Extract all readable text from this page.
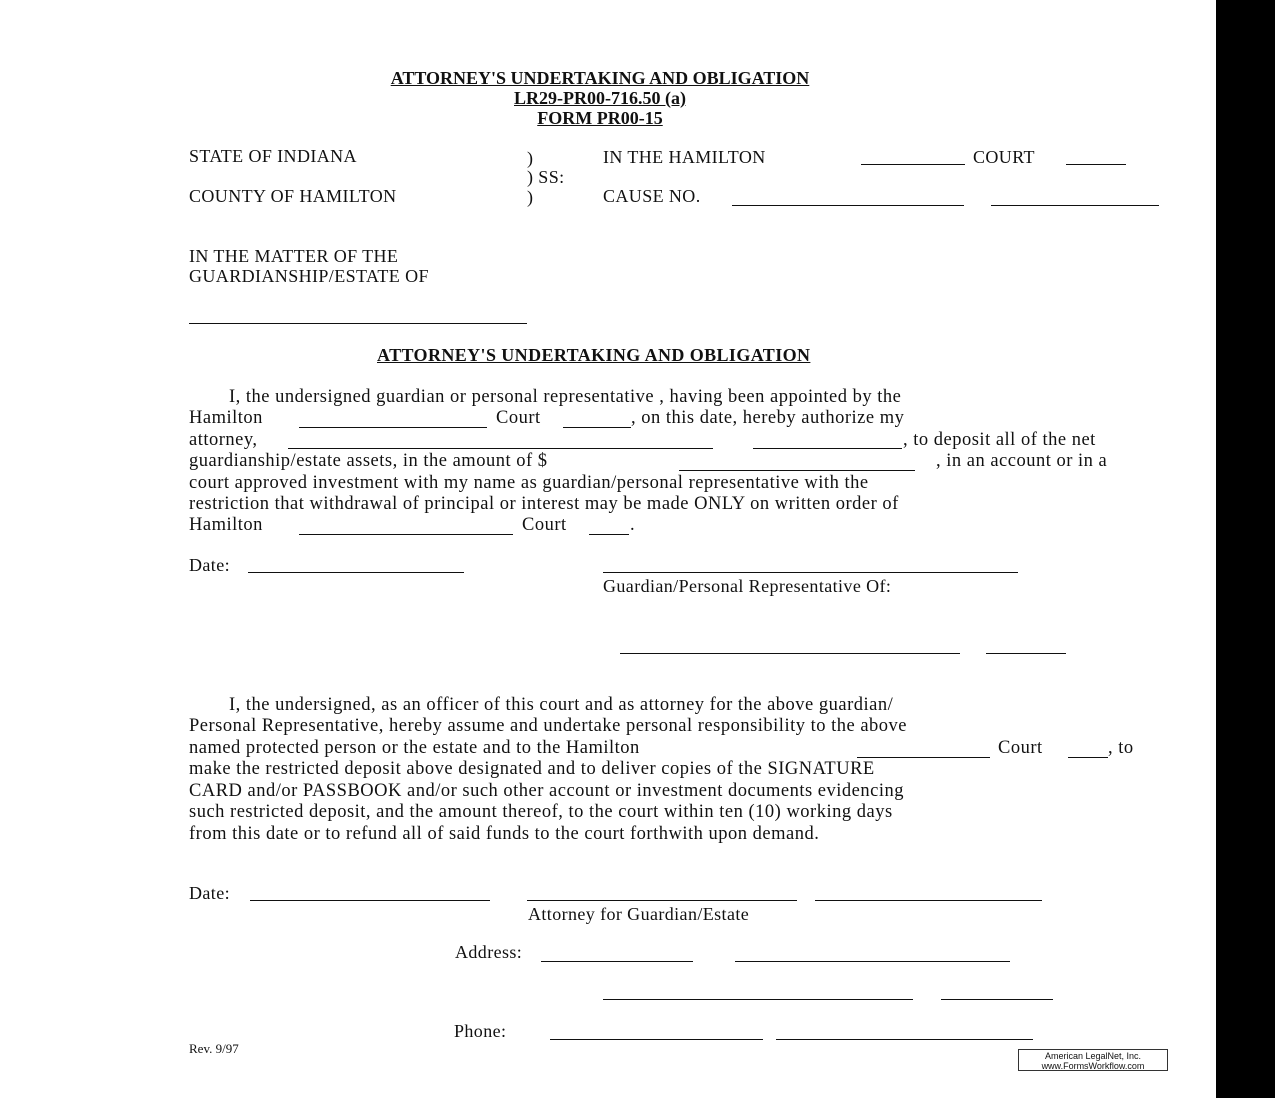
ATTORNEY'S UNDERTAKING AND OBLIGATION
LR29-PR00-716.50 (a)
FORM PR00-15
STATE OF INDIANA	)
) SS:
)
COUNTY OF HAMILTON
IN THE HAMILTON	COURT
CAUSE NO.
IN THE MATTER OF THE
GUARDIANSHIP/ESTATE OF
ATTORNEY'S UNDERTAKING AND OBLIGATION
I, the undersigned guardian or personal representative , having been appointed by the
Hamilton	Court	, on this date, hereby authorize my
attorney,	, to deposit all of the net
guardianship/estate assets, in the amount of $	, in an account or in a
court approved investment with my name as guardian/personal representative with the
restriction that withdrawal of principal or interest may be made ONLY on written order of
Hamilton	Court	.
Date:
Guardian/Personal Representative Of:
I, the undersigned, as an officer of this court and as attorney for the above guardian/
Personal Representative, hereby assume and undertake personal responsibility to the above
named protected person or the estate and to the Hamilton	Court	, to
make the restricted deposit above designated and to deliver copies of the SIGNATURE
CARD and/or PASSBOOK and/or such other account or investment documents evidencing
such restricted deposit, and the amount thereof, to the court within ten (10) working days
from this date or to refund all of said funds to the court forthwith upon demand.
Date:
Attorney for Guardian/Estate
Address:
Phone:
Rev. 9/97	American LegalNet, Inc.
www.FormsWorkflow.com
